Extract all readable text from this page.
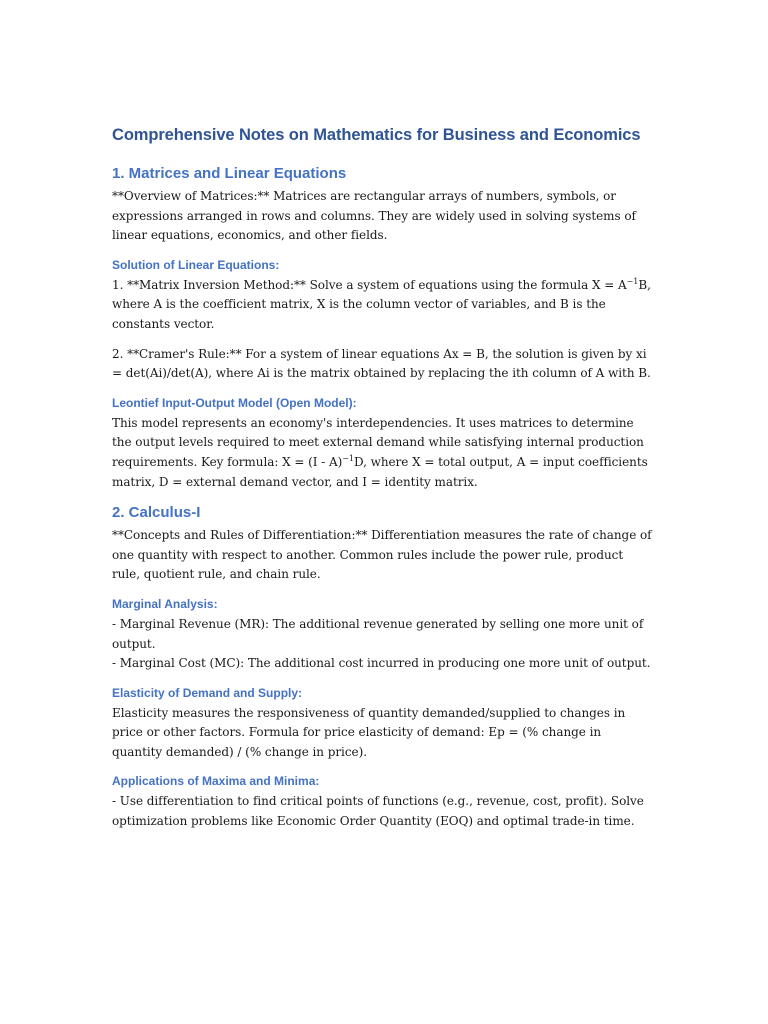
Comprehensive Notes on Mathematics for Business and Economics
1. Matrices and Linear Equations

**Overview of Matrices:** Matrices are rectangular arrays of numbers, symbols, or expressions arranged in rows and columns. They are widely used in solving systems of linear equations, economics, and other fields.

Solution of Linear Equations:

1. **Matrix Inversion Method:** Solve a system of equations using the formula $X = A^{-1}B$, where A is the coefficient matrix, X is the column vector of variables, and B is the constants vector.

2. **Cramer's Rule:** For a system of linear equations Ax = B, the solution is given by xi = det(Ai)/det(A), where Ai is the matrix obtained by replacing the ith column of A with B.

Leontief Input-Output Model (Open Model):

This model represents an economy's interdependencies. It uses matrices to determine the output levels required to meet external demand while satisfying internal production requirements. Key formula: X = (I - A)$^{-1}$D, where X = total output, A = input coefficients matrix, D = external demand vector, and I = identity matrix.

2. Calculus-I

**Concepts and Rules of Differentiation:** Differentiation measures the rate of change of one quantity with respect to another. Common rules include the power rule, product rule, quotient rule, and chain rule.

Marginal Analysis:

- Marginal Revenue (MR): The additional revenue generated by selling one more unit of output.

- Marginal Cost (MC): The additional cost incurred in producing one more unit of output.

Elasticity of Demand and Supply:

Elasticity measures the responsiveness of quantity demanded/supplied to changes in price or other factors. Formula for price elasticity of demand: Ep = (% change in quantity demanded) / (% change in price).

Applications of Maxima and Minima:

- Use differentiation to find critical points of functions (e.g., revenue, cost, profit). Solve optimization problems like Economic Order Quantity (EOQ) and optimal trade-in time.
